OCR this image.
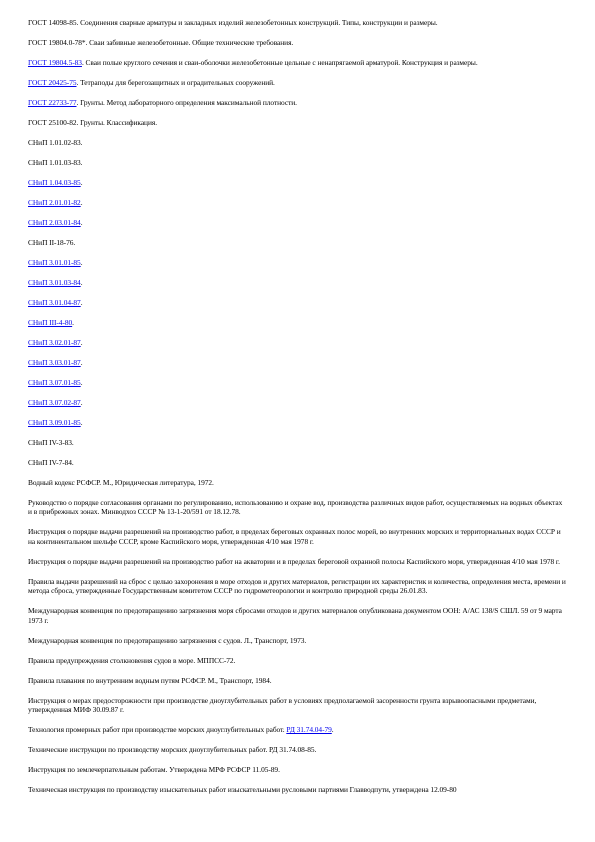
ГОСТ 14098-85. Соединения сварные арматуры и закладных изделий железобетонных конструкций. Типы, конструкции и размеры.
ГОСТ 19804.0-78*. Сваи забивные железобетонные. Общие технические требования.
ГОСТ 19804.5-83. Сваи полые круглого сечения и сваи-оболочки железобетонные цельные с ненапрягаемой арматурой. Конструкция и размеры.
ГОСТ 20425-75. Тетраподы для берегозащитных и оградительных сооружений.
ГОСТ 22733-77. Грунты. Метод лабораторного определения максимальной плотности.
ГОСТ 25100-82. Грунты. Классификация.
СНиП 1.01.02-83.
СНиП 1.01.03-83.
СНиП 1.04.03-85.
СНиП 2.01.01-82.
СНиП 2.03.01-84.
СНиП II-18-76.
СНиП 3.01.01-85.
СНиП 3.01.03-84.
СНиП 3.01.04-87.
СНиП III-4-80.
СНиП 3.02.01-87.
СНиП 3.03.01-87.
СНиП 3.07.01-85.
СНиП 3.07.02-87.
СНиП 3.09.01-85.
СНиП IV-3-83.
СНиП IV-7-84.
Водный кодекс РСФСР. М., Юридическая литература, 1972.
Руководство о порядке согласования органами по регулированию, использованию и охране вод, производства различных видов работ, осуществляемых на водных объектах и в прибрежных зонах. Минводхоз СССР № 13-1-20/591 от 18.12.78.
Инструкция о порядке выдачи разрешений на производство работ, в пределах береговых охранных полос морей, во внутренних морских и территориальных водах СССР и на континентальном шельфе СССР, кроме Каспийского моря, утвержденная 4/10 мая 1978 г.
Инструкция о порядке выдачи разрешений на производство работ на акватории и в пределах береговой охранной полосы Каспийского моря, утвержденная 4/10 мая 1978 г.
Правила выдачи разрешений на сброс с целью захоронения в море отходов и других материалов, регистрации их характеристик и количества, определения места, времени и метода сброса, утвержденные Государственным комитетом СССР по гидрометеорологии и контролю природной среды 26.01.83.
Международная конвенция по предотвращению загрязнения моря сбросами отходов и других материалов опубликована документом ООН: А/АС 138/S СШЛ. 59 от 9 марта 1973 г.
Международная конвенция по предотвращению загрязнения с судов. Л., Транспорт, 1973.
Правила предупреждения столкновения судов в море. МППСС-72.
Правила плавания по внутренним водным путям РСФСР. М., Транспорт, 1984.
Инструкция о мерах предосторожности при производстве дноуглубительных работ в условиях предполагаемой засоренности грунта взрывоопасными предметами, утвержденная МИФ 30.09.87 г.
Технология промерных работ при производстве морских дноуглубительных работ. РД 31.74.04-79.
Технические инструкции по производству морских дноуглубительных работ. РД 31.74.08-85.
Инструкция по землечерпательным работам. Утверждена МРФ РСФСР 11.05-89.
Техническая инструкция по производству изыскательных работ изыскательными русловыми партиями Главводпути, утверждена 12.09-80
